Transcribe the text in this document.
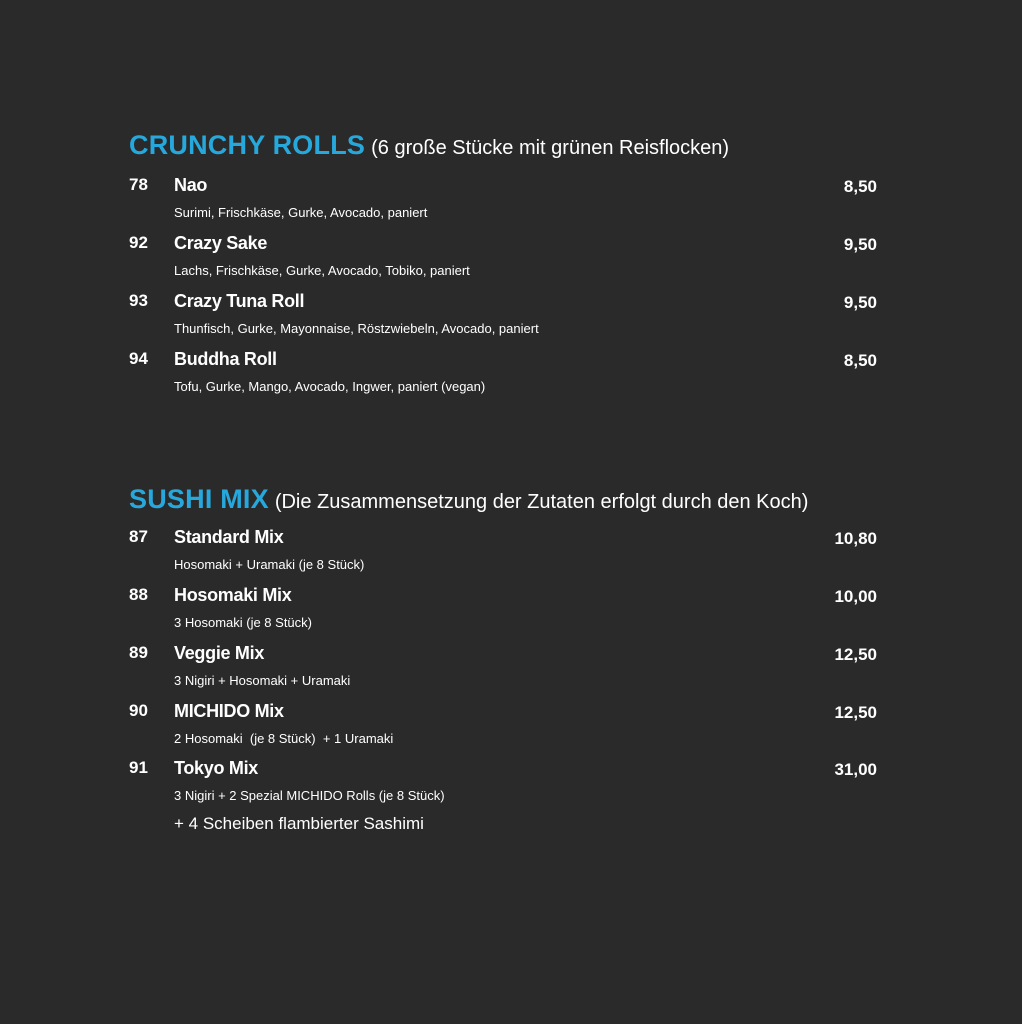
CRUNCHY ROLLS (6 große Stücke mit grünen Reisflocken)
78 Nao	8,50
Surimi, Frischkäse, Gurke, Avocado, paniert
92 Crazy Sake	9,50
Lachs, Frischkäse, Gurke, Avocado, Tobiko, paniert
93 Crazy Tuna Roll	9,50
Thunfisch, Gurke, Mayonnaise, Röstzwiebeln, Avocado, paniert
94 Buddha Roll	8,50
Tofu, Gurke, Mango, Avocado, Ingwer, paniert (vegan)
SUSHI MIX (Die Zusammensetzung der Zutaten erfolgt durch den Koch)
87 Standard Mix	10,80
Hosomaki + Uramaki (je 8 Stück)
88 Hosomaki Mix	10,00
3 Hosomaki (je 8 Stück)
89 Veggie Mix	12,50
3 Nigiri + Hosomaki + Uramaki
90 MICHIDO Mix	12,50
2 Hosomaki  (je 8 Stück)  + 1 Uramaki
91 Tokyo Mix	31,00
3 Nigiri + 2 Spezial MICHIDO Rolls (je 8 Stück)
+ 4 Scheiben flambierter Sashimi
